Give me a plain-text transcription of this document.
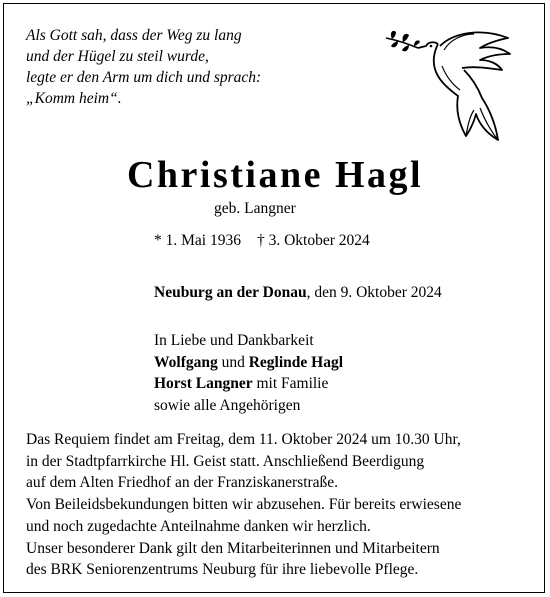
Als Gott sah, dass der Weg zu lang
und der Hügel zu steil wurde,
legte er den Arm um dich und sprach:
„Komm heim“.
Christiane Hagl
geb. Langner
* 1. Mai 1936 † 3. Oktober 2024
Neuburg an der Donau, den 9. Oktober 2024
In Liebe und Dankbarkeit
Wolfgang und Reglinde Hagl
Horst Langner mit Familie
sowie alle Angehörigen
Das Requiem findet am Freitag, dem 11. Oktober 2024 um 10.30 Uhr,
in der Stadtpfarrkirche Hl. Geist statt. Anschließend Beerdigung
auf dem Alten Friedhof an der Franziskanerstraße.
Von Beileidsbekundungen bitten wir abzusehen. Für bereits erwiesene
und noch zugedachte Anteilnahme danken wir herzlich.
Unser besonderer Dank gilt den Mitarbeiterinnen und Mitarbeitern
des BRK Seniorenzentrums Neuburg für ihre liebevolle Pflege.
